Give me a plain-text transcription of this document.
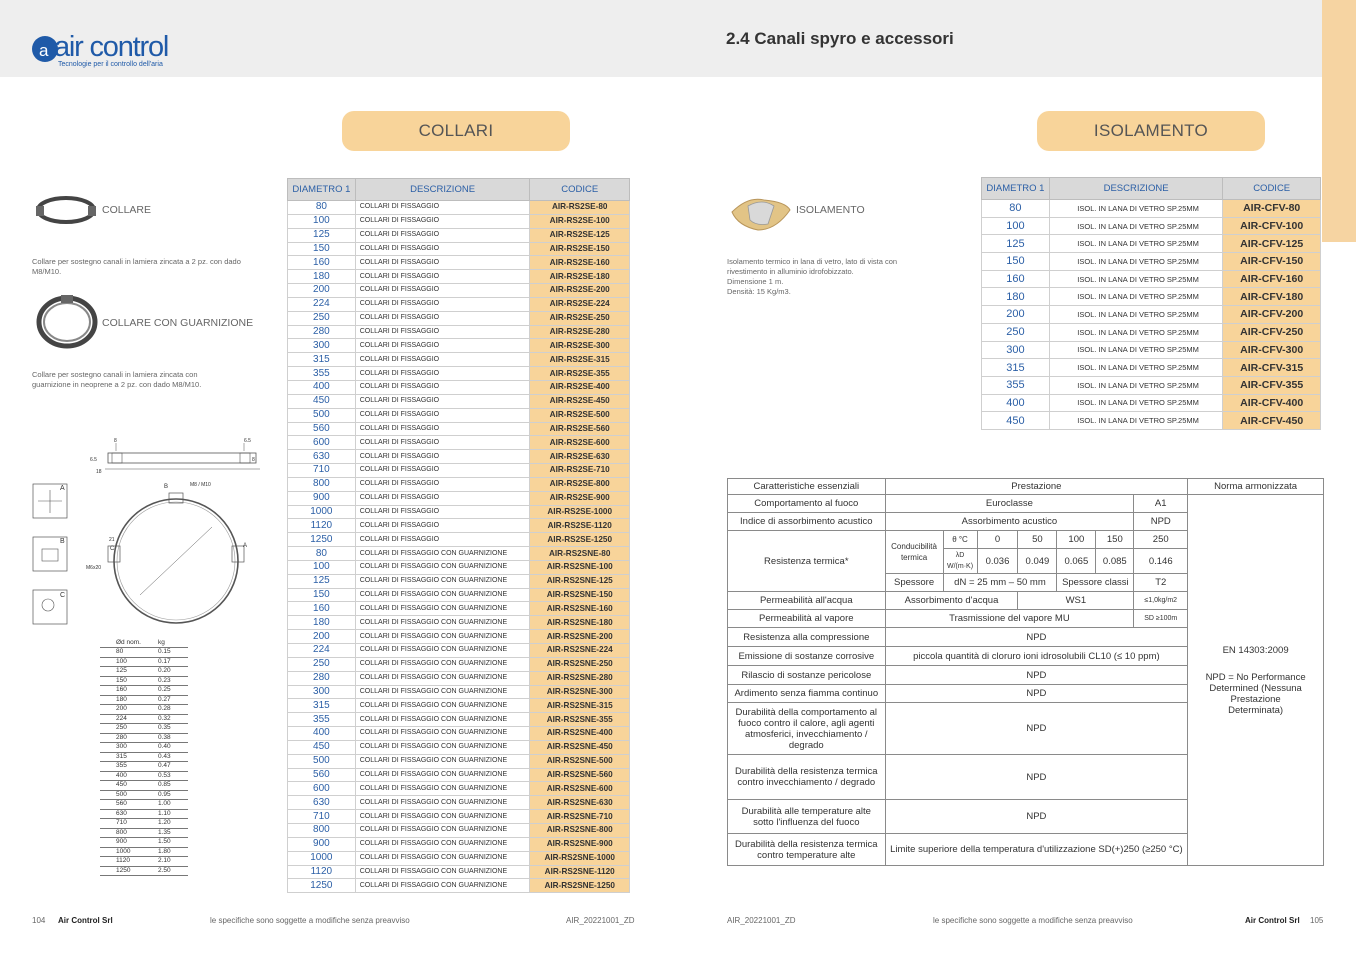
a air control
Tecnologie per il controllo dell'aria
2.4 Canali spyro e accessori
COLLARI	ISOLAMENTO
COLLARE
Collare per sostegno canali in lamiera zincata a 2 pz. con dado M8/M10.
COLLARE CON GUARNIZIONE
Collare per sostegno canali in lamiera zincata con guarnizione in neoprene a 2 pz. con dado M8/M10.
8	6.5
6.5	8
18
A
B
C
M8 / M10
M6x20
21
A
B
C
Ød nom.	kg
80	0.15
100	0.17
125	0.20
150	0.23
160	0.25
180	0.27
200	0.28
224	0.32
250	0.35
280	0.38
300	0.40
315	0.43
355	0.47
400	0.53
450	0.85
500	0.95
560	1.00
630	1.10
710	1.20
800	1.35
900	1.50
1000	1.80
1120	2.10
1250	2.50
DIAMETRO 1	DESCRIZIONE	CODICE
80	COLLARI DI FISSAGGIO	AIR-RS2SE-80
100	COLLARI DI FISSAGGIO	AIR-RS2SE-100
125	COLLARI DI FISSAGGIO	AIR-RS2SE-125
150	COLLARI DI FISSAGGIO	AIR-RS2SE-150
160	COLLARI DI FISSAGGIO	AIR-RS2SE-160
180	COLLARI DI FISSAGGIO	AIR-RS2SE-180
200	COLLARI DI FISSAGGIO	AIR-RS2SE-200
224	COLLARI DI FISSAGGIO	AIR-RS2SE-224
250	COLLARI DI FISSAGGIO	AIR-RS2SE-250
280	COLLARI DI FISSAGGIO	AIR-RS2SE-280
300	COLLARI DI FISSAGGIO	AIR-RS2SE-300
315	COLLARI DI FISSAGGIO	AIR-RS2SE-315
355	COLLARI DI FISSAGGIO	AIR-RS2SE-355
400	COLLARI DI FISSAGGIO	AIR-RS2SE-400
450	COLLARI DI FISSAGGIO	AIR-RS2SE-450
500	COLLARI DI FISSAGGIO	AIR-RS2SE-500
560	COLLARI DI FISSAGGIO	AIR-RS2SE-560
600	COLLARI DI FISSAGGIO	AIR-RS2SE-600
630	COLLARI DI FISSAGGIO	AIR-RS2SE-630
710	COLLARI DI FISSAGGIO	AIR-RS2SE-710
800	COLLARI DI FISSAGGIO	AIR-RS2SE-800
900	COLLARI DI FISSAGGIO	AIR-RS2SE-900
1000	COLLARI DI FISSAGGIO	AIR-RS2SE-1000
1120	COLLARI DI FISSAGGIO	AIR-RS2SE-1120
1250	COLLARI DI FISSAGGIO	AIR-RS2SE-1250
80	COLLARI DI FISSAGGIO CON GUARNIZIONE	AIR-RS2SNE-80
100	COLLARI DI FISSAGGIO CON GUARNIZIONE	AIR-RS2SNE-100
125	COLLARI DI FISSAGGIO CON GUARNIZIONE	AIR-RS2SNE-125
150	COLLARI DI FISSAGGIO CON GUARNIZIONE	AIR-RS2SNE-150
160	COLLARI DI FISSAGGIO CON GUARNIZIONE	AIR-RS2SNE-160
180	COLLARI DI FISSAGGIO CON GUARNIZIONE	AIR-RS2SNE-180
200	COLLARI DI FISSAGGIO CON GUARNIZIONE	AIR-RS2SNE-200
224	COLLARI DI FISSAGGIO CON GUARNIZIONE	AIR-RS2SNE-224
250	COLLARI DI FISSAGGIO CON GUARNIZIONE	AIR-RS2SNE-250
280	COLLARI DI FISSAGGIO CON GUARNIZIONE	AIR-RS2SNE-280
300	COLLARI DI FISSAGGIO CON GUARNIZIONE	AIR-RS2SNE-300
315	COLLARI DI FISSAGGIO CON GUARNIZIONE	AIR-RS2SNE-315
355	COLLARI DI FISSAGGIO CON GUARNIZIONE	AIR-RS2SNE-355
400	COLLARI DI FISSAGGIO CON GUARNIZIONE	AIR-RS2SNE-400
450	COLLARI DI FISSAGGIO CON GUARNIZIONE	AIR-RS2SNE-450
500	COLLARI DI FISSAGGIO CON GUARNIZIONE	AIR-RS2SNE-500
560	COLLARI DI FISSAGGIO CON GUARNIZIONE	AIR-RS2SNE-560
600	COLLARI DI FISSAGGIO CON GUARNIZIONE	AIR-RS2SNE-600
630	COLLARI DI FISSAGGIO CON GUARNIZIONE	AIR-RS2SNE-630
710	COLLARI DI FISSAGGIO CON GUARNIZIONE	AIR-RS2SNE-710
800	COLLARI DI FISSAGGIO CON GUARNIZIONE	AIR-RS2SNE-800
900	COLLARI DI FISSAGGIO CON GUARNIZIONE	AIR-RS2SNE-900
1000	COLLARI DI FISSAGGIO CON GUARNIZIONE	AIR-RS2SNE-1000
1120	COLLARI DI FISSAGGIO CON GUARNIZIONE	AIR-RS2SNE-1120
1250	COLLARI DI FISSAGGIO CON GUARNIZIONE	AIR-RS2SNE-1250
ISOLAMENTO
Isolamento termico in lana di vetro, lato di vista con
rivestimento in alluminio idrofobizzato.
Dimensione 1 m.
Densità: 15 Kg/m3.
DIAMETRO 1	DESCRIZIONE	CODICE
80	ISOL. IN LANA DI VETRO SP.25MM	AIR-CFV-80
100	ISOL. IN LANA DI VETRO SP.25MM	AIR-CFV-100
125	ISOL. IN LANA DI VETRO SP.25MM	AIR-CFV-125
150	ISOL. IN LANA DI VETRO SP.25MM	AIR-CFV-150
160	ISOL. IN LANA DI VETRO SP.25MM	AIR-CFV-160
180	ISOL. IN LANA DI VETRO SP.25MM	AIR-CFV-180
200	ISOL. IN LANA DI VETRO SP.25MM	AIR-CFV-200
250	ISOL. IN LANA DI VETRO SP.25MM	AIR-CFV-250
300	ISOL. IN LANA DI VETRO SP.25MM	AIR-CFV-300
315	ISOL. IN LANA DI VETRO SP.25MM	AIR-CFV-315
355	ISOL. IN LANA DI VETRO SP.25MM	AIR-CFV-355
400	ISOL. IN LANA DI VETRO SP.25MM	AIR-CFV-400
450	ISOL. IN LANA DI VETRO SP.25MM	AIR-CFV-450
Caratteristiche essenziali	Prestazione							Norma armonizzata
Comportamento al fuoco	Euroclasse						A1	EN 14303:2009
NPD = No Performance Determined (Nessuna Prestazione Determinata)

Indice di assorbimento acustico	Assorbimento acustico						NPD	
Resistenza termica*	Conducibilità termica	θ °C	0	50	100	150	250	
		λD W/(m·K)	0.036	0.049	0.065	0.085	0.146	
	Spessore	dN = 25 mm – 50 mm			Spessore classi		T2	
Permeabilità all'acqua	Assorbimento d'acqua			WS1			≤1,0kg/m2	
Permeabilità al vapore	Trasmissione del vapore MU						SD ≥100m	
Resistenza alla compressione	NPD							
Emissione di sostanze corrosive	piccola quantità di cloruro ioni idrosolubili CL10 (≤ 10 ppm)							
Rilascio di sostanze pericolose	NPD							
Ardimento senza fiamma continuo	NPD							
Durabilità della comportamento al fuoco contro il calore, agli agenti atmosferici, invecchiamento / degrado	NPD							
Durabilità della resistenza termica contro invecchiamento / degrado	NPD							
Durabilità alle temperature alte sotto l'influenza del fuoco	NPD							
Durabilità della resistenza termica contro temperature alte	Limite superiore della temperatura d'utilizzazione SD(+)250 (≥250 °C)							
104 Air Control Srl	le specifiche sono soggette a modifiche senza preavviso	AIR_20221001_ZD	AIR_20221001_ZD	le specifiche sono soggette a modifiche senza preavviso	Air Control Srl 105
